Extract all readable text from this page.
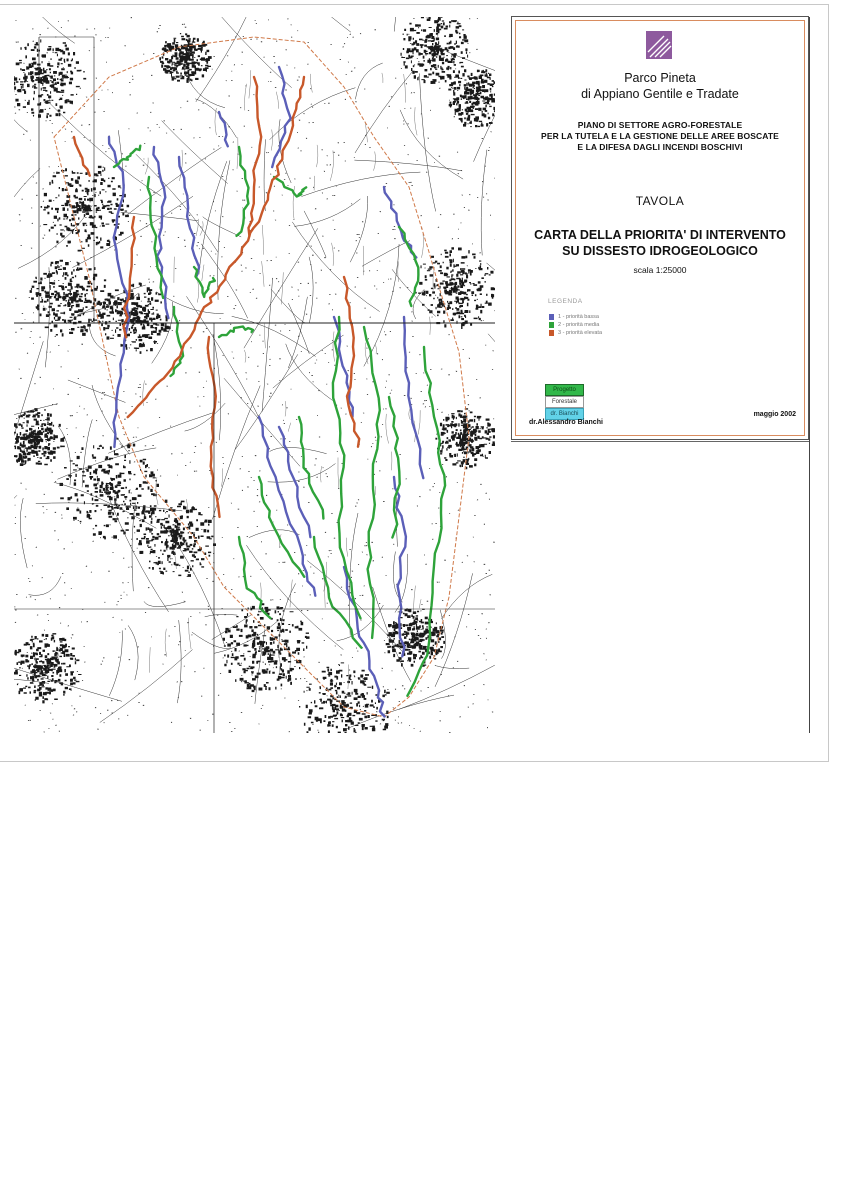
Parco Pineta
di Appiano Gentile e Tradate
PIANO DI SETTORE AGRO-FORESTALE
PER LA TUTELA E LA GESTIONE DELLE AREE BOSCATE
E LA DIFESA DAGLI INCENDI BOSCHIVI
TAVOLA
CARTA DELLA PRIORITA' DI INTERVENTO
SU DISSESTO IDROGEOLOGICO
scala 1:25000
LEGENDA
1 - priorità bassa
2 - priorità media
3 - priorità elevata
Progetto
Forestale
dr. Bianchi
dr.Alessandro Bianchi
maggio 2002
